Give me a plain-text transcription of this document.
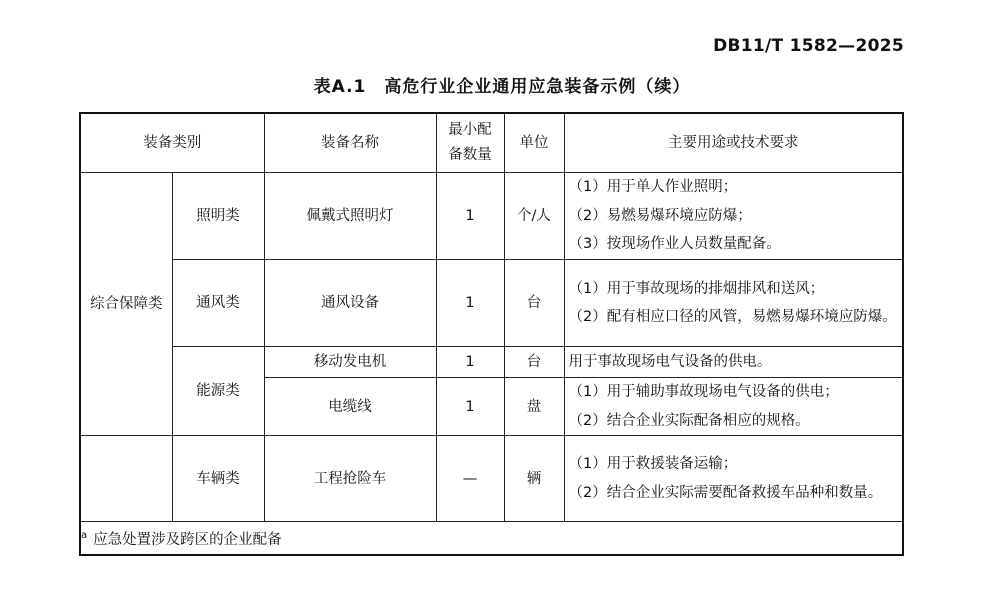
DB11/T 1582—2025
表A.1 高危行业企业通用应急装备示例（续）
装备类别		装备名称	最小配
备数量	单位	主要用途或技术要求
综合保障类	照明类	佩戴式照明灯	1	个/人	（1）用于单人作业照明；
（2）易燃易爆环境应防爆；
（3）按现场作业人员数量配备。

	通风类	通风设备	1	台	（1）用于事故现场的排烟排风和送风；
（2）配有相应口径的风管，易燃易爆环境应防爆。

	能源类	移动发电机	1	台	用于事故现场电气设备的供电。

		电缆线	1	盘	（1）用于辅助事故现场电气设备的供电；
（2）结合企业实际配备相应的规格。

	车辆类	工程抢险车	—	辆	（1）用于救援装备运输；
（2）结合企业实际需要配备救援车品种和数量。

$^a$ 应急处置涉及跨区的企业配备					
